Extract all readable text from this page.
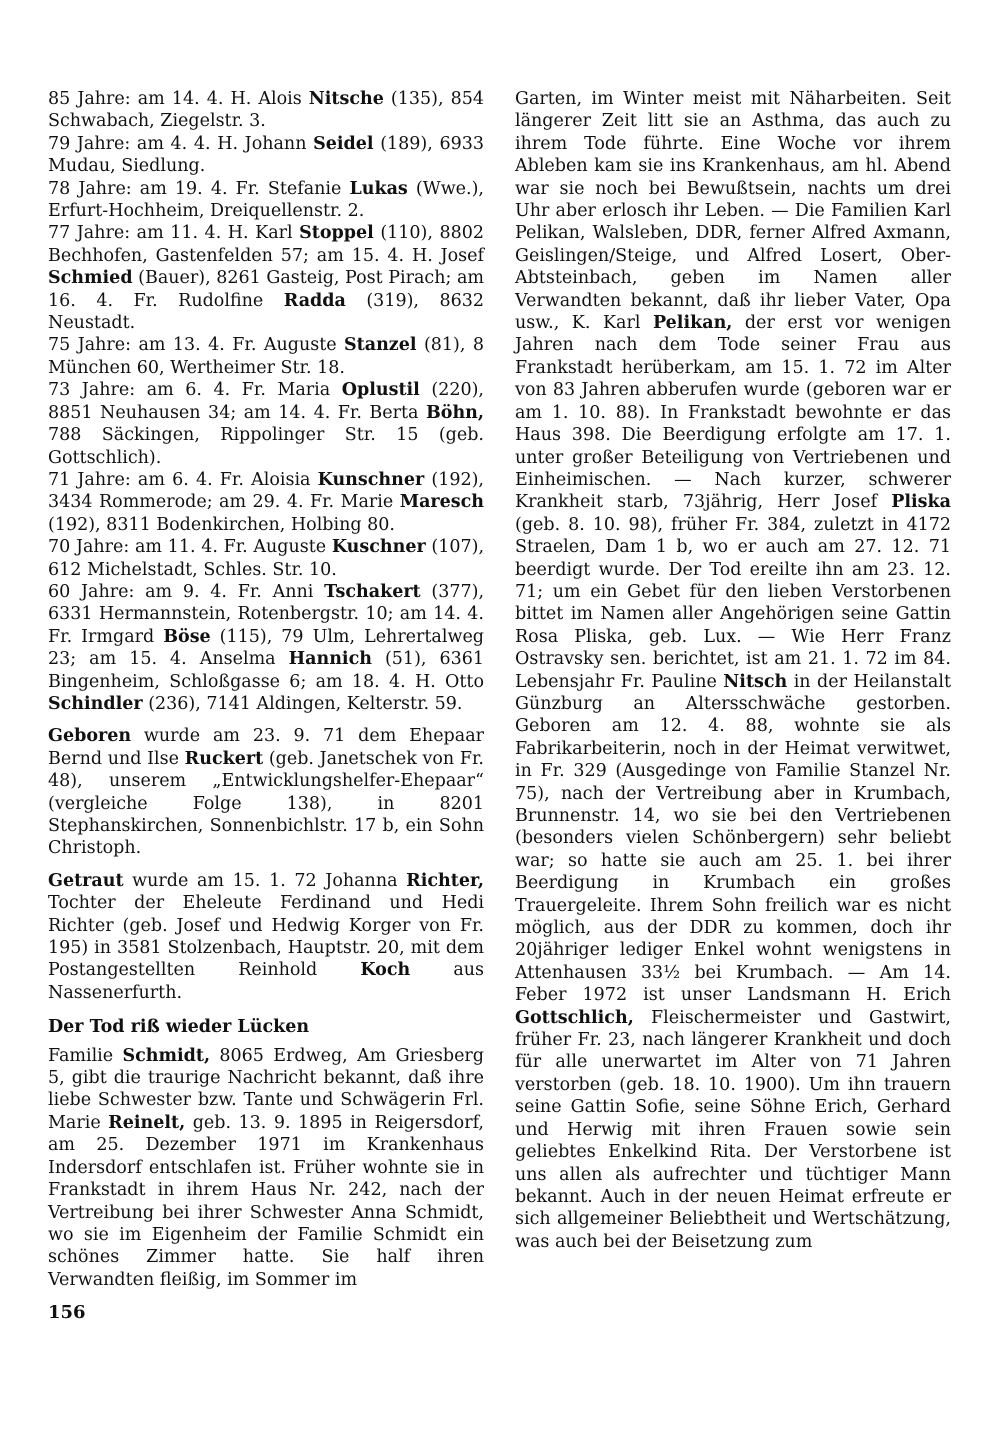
85 Jahre: am 14. 4. H. Alois Nitsche (135), 854 Schwabach, Ziegelstr. 3.

79 Jahre: am 4. 4. H. Johann Seidel (189), 6933 Mudau, Siedlung.

78 Jahre: am 19. 4. Fr. Stefanie Lukas (Wwe.), Erfurt-Hochheim, Dreiquellenstr. 2.

77 Jahre: am 11. 4. H. Karl Stoppel (110), 8802 Bechhofen, Gastenfelden 57; am 15. 4. H. Josef Schmied (Bauer), 8261 Gasteig, Post Pirach; am 16. 4. Fr. Rudolfine Radda (319), 8632 Neustadt.

75 Jahre: am 13. 4. Fr. Auguste Stanzel (81), 8 München 60, Wertheimer Str. 18.

73 Jahre: am 6. 4. Fr. Maria Oplustil (220), 8851 Neuhausen 34; am 14. 4. Fr. Berta Böhn, 788 Säckingen, Rippolinger Str. 15 (geb. Gottschlich).

71 Jahre: am 6. 4. Fr. Aloisia Kunschner (192), 3434 Rommerode; am 29. 4. Fr. Marie Maresch (192), 8311 Bodenkirchen, Holbing 80.

70 Jahre: am 11. 4. Fr. Auguste Kuschner (107), 612 Michelstadt, Schles. Str. 10.

60 Jahre: am 9. 4. Fr. Anni Tschakert (377), 6331 Hermannstein, Rotenbergstr. 10; am 14. 4. Fr. Irmgard Böse (115), 79 Ulm, Lehrertalweg 23; am 15. 4. Anselma Hannich (51), 6361 Bingenheim, Schloßgasse 6; am 18. 4. H. Otto Schindler (236), 7141 Aldingen, Kelterstr. 59.

Geboren wurde am 23. 9. 71 dem Ehepaar Bernd und Ilse Ruckert (geb. Janetschek von Fr. 48), unserem „Entwicklungshelfer-Ehepaar“ (vergleiche Folge 138), in 8201 Stephanskirchen, Sonnenbichlstr. 17 b, ein Sohn Christoph.

Getraut wurde am 15. 1. 72 Johanna Richter, Tochter der Eheleute Ferdinand und Hedi Richter (geb. Josef und Hedwig Korger von Fr. 195) in 3581 Stolzenbach, Hauptstr. 20, mit dem Postangestellten Reinhold Koch aus Nassenerfurth.

Der Tod riß wieder Lücken

Familie Schmidt, 8065 Erdweg, Am Griesberg 5, gibt die traurige Nachricht bekannt, daß ihre liebe Schwester bzw. Tante und Schwägerin Frl. Marie Reinelt, geb. 13. 9. 1895 in Reigersdorf, am 25. Dezember 1971 im Krankenhaus Indersdorf entschlafen ist. Früher wohnte sie in Frankstadt in ihrem Haus Nr. 242, nach der Vertreibung bei ihrer Schwester Anna Schmidt, wo sie im Eigenheim der Familie Schmidt ein schönes Zimmer hatte. Sie half ihren Verwandten fleißig, im Sommer im

Garten, im Winter meist mit Näharbeiten. Seit längerer Zeit litt sie an Asthma, das auch zu ihrem Tode führte. Eine Woche vor ihrem Ableben kam sie ins Krankenhaus, am hl. Abend war sie noch bei Bewußtsein, nachts um drei Uhr aber erlosch ihr Leben. — Die Familien Karl Pelikan, Walsleben, DDR, ferner Alfred Axmann, Geislingen/Steige, und Alfred Losert, Ober-Abtsteinbach, geben im Namen aller Verwandten bekannt, daß ihr lieber Vater, Opa usw., K. Karl Pelikan, der erst vor wenigen Jahren nach dem Tode seiner Frau aus Frankstadt herüberkam, am 15. 1. 72 im Alter von 83 Jahren abberufen wurde (geboren war er am 1. 10. 88). In Frankstadt bewohnte er das Haus 398. Die Beerdigung erfolgte am 17. 1. unter großer Beteiligung von Vertriebenen und Einheimischen. — Nach kurzer, schwerer Krankheit starb, 73jährig, Herr Josef Pliska (geb. 8. 10. 98), früher Fr. 384, zuletzt in 4172 Straelen, Dam 1 b, wo er auch am 27. 12. 71 beerdigt wurde. Der Tod ereilte ihn am 23. 12. 71; um ein Gebet für den lieben Verstorbenen bittet im Namen aller Angehörigen seine Gattin Rosa Pliska, geb. Lux. — Wie Herr Franz Ostravsky sen. berichtet, ist am 21. 1. 72 im 84. Lebensjahr Fr. Pauline Nitsch in der Heilanstalt Günzburg an Altersschwäche gestorben. Geboren am 12. 4. 88, wohnte sie als Fabrikarbeiterin, noch in der Heimat verwitwet, in Fr. 329 (Ausgedinge von Familie Stanzel Nr. 75), nach der Vertreibung aber in Krumbach, Brunnenstr. 14, wo sie bei den Vertriebenen (besonders vielen Schönbergern) sehr beliebt war; so hatte sie auch am 25. 1. bei ihrer Beerdigung in Krumbach ein großes Trauergeleite. Ihrem Sohn freilich war es nicht möglich, aus der DDR zu kommen, doch ihr 20jähriger lediger Enkel wohnt wenigstens in Attenhausen 33½ bei Krumbach. — Am 14. Feber 1972 ist unser Landsmann H. Erich Gottschlich, Fleischermeister und Gastwirt, früher Fr. 23, nach längerer Krankheit und doch für alle unerwartet im Alter von 71 Jahren verstorben (geb. 18. 10. 1900). Um ihn trauern seine Gattin Sofie, seine Söhne Erich, Gerhard und Herwig mit ihren Frauen sowie sein geliebtes Enkelkind Rita. Der Verstorbene ist uns allen als aufrechter und tüchtiger Mann bekannt. Auch in der neuen Heimat erfreute er sich allgemeiner Beliebtheit und Wertschätzung, was auch bei der Beisetzung zum

156
